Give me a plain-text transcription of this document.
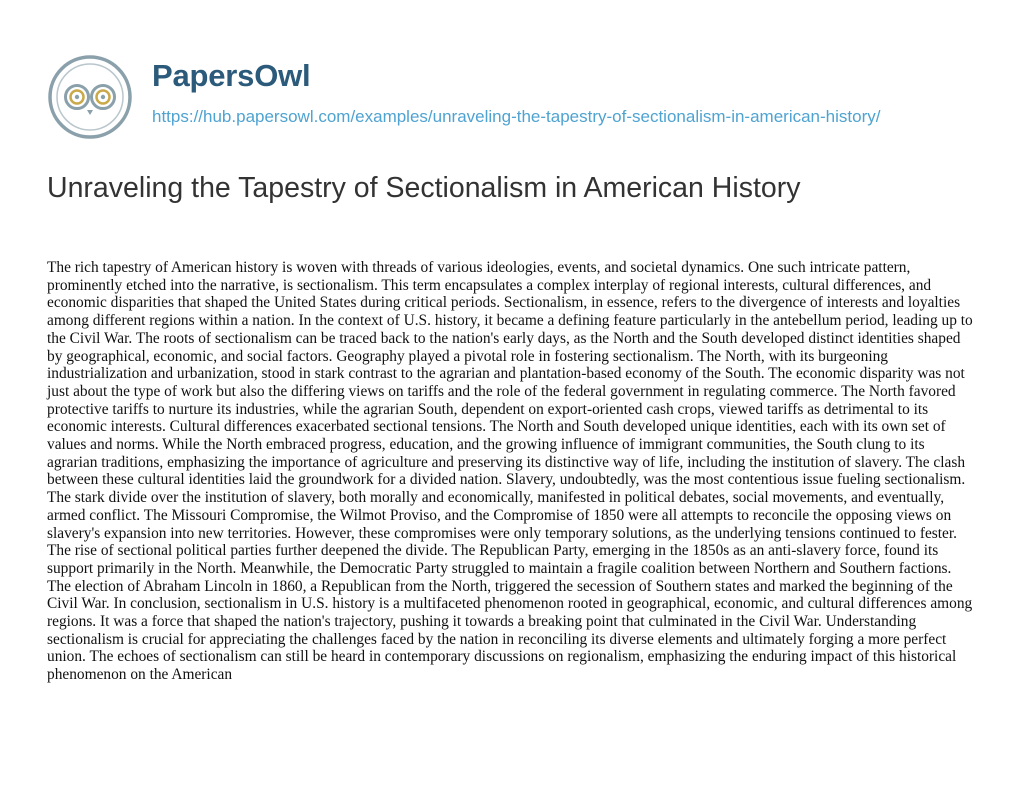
PapersOwl
https://hub.papersowl.com/examples/unraveling-the-tapestry-of-sectionalism-in-american-history/
Unraveling the Tapestry of Sectionalism in American History

The rich tapestry of American history is woven with threads of various ideologies, events, and societal dynamics. One such intricate pattern, prominently etched into the narrative, is sectionalism. This term encapsulates a complex interplay of regional interests, cultural differences, and economic disparities that shaped the United States during critical periods. Sectionalism, in essence, refers to the divergence of interests and loyalties among different regions within a nation. In the context of U.S. history, it became a defining feature particularly in the antebellum period, leading up to the Civil War. The roots of sectionalism can be traced back to the nation's early days, as the North and the South developed distinct identities shaped by geographical, economic, and social factors. Geography played a pivotal role in fostering sectionalism. The North, with its burgeoning industrialization and urbanization, stood in stark contrast to the agrarian and plantation-based economy of the South. The economic disparity was not just about the type of work but also the differing views on tariffs and the role of the federal government in regulating commerce. The North favored protective tariffs to nurture its industries, while the agrarian South, dependent on export-oriented cash crops, viewed tariffs as detrimental to its economic interests. Cultural differences exacerbated sectional tensions. The North and South developed unique identities, each with its own set of values and norms. While the North embraced progress, education, and the growing influence of immigrant communities, the South clung to its agrarian traditions, emphasizing the importance of agriculture and preserving its distinctive way of life, including the institution of slavery. The clash between these cultural identities laid the groundwork for a divided nation. Slavery, undoubtedly, was the most contentious issue fueling sectionalism. The stark divide over the institution of slavery, both morally and economically, manifested in political debates, social movements, and eventually, armed conflict. The Missouri Compromise, the Wilmot Proviso, and the Compromise of 1850 were all attempts to reconcile the opposing views on slavery's expansion into new territories. However, these compromises were only temporary solutions, as the underlying tensions continued to fester. The rise of sectional political parties further deepened the divide. The Republican Party, emerging in the 1850s as an anti-slavery force, found its support primarily in the North. Meanwhile, the Democratic Party struggled to maintain a fragile coalition between Northern and Southern factions. The election of Abraham Lincoln in 1860, a Republican from the North, triggered the secession of Southern states and marked the beginning of the Civil War. In conclusion, sectionalism in U.S. history is a multifaceted phenomenon rooted in geographical, economic, and cultural differences among regions. It was a force that shaped the nation's trajectory, pushing it towards a breaking point that culminated in the Civil War. Understanding sectionalism is crucial for appreciating the challenges faced by the nation in reconciling its diverse elements and ultimately forging a more perfect union. The echoes of sectionalism can still be heard in contemporary discussions on regionalism, emphasizing the enduring impact of this historical phenomenon on the American
